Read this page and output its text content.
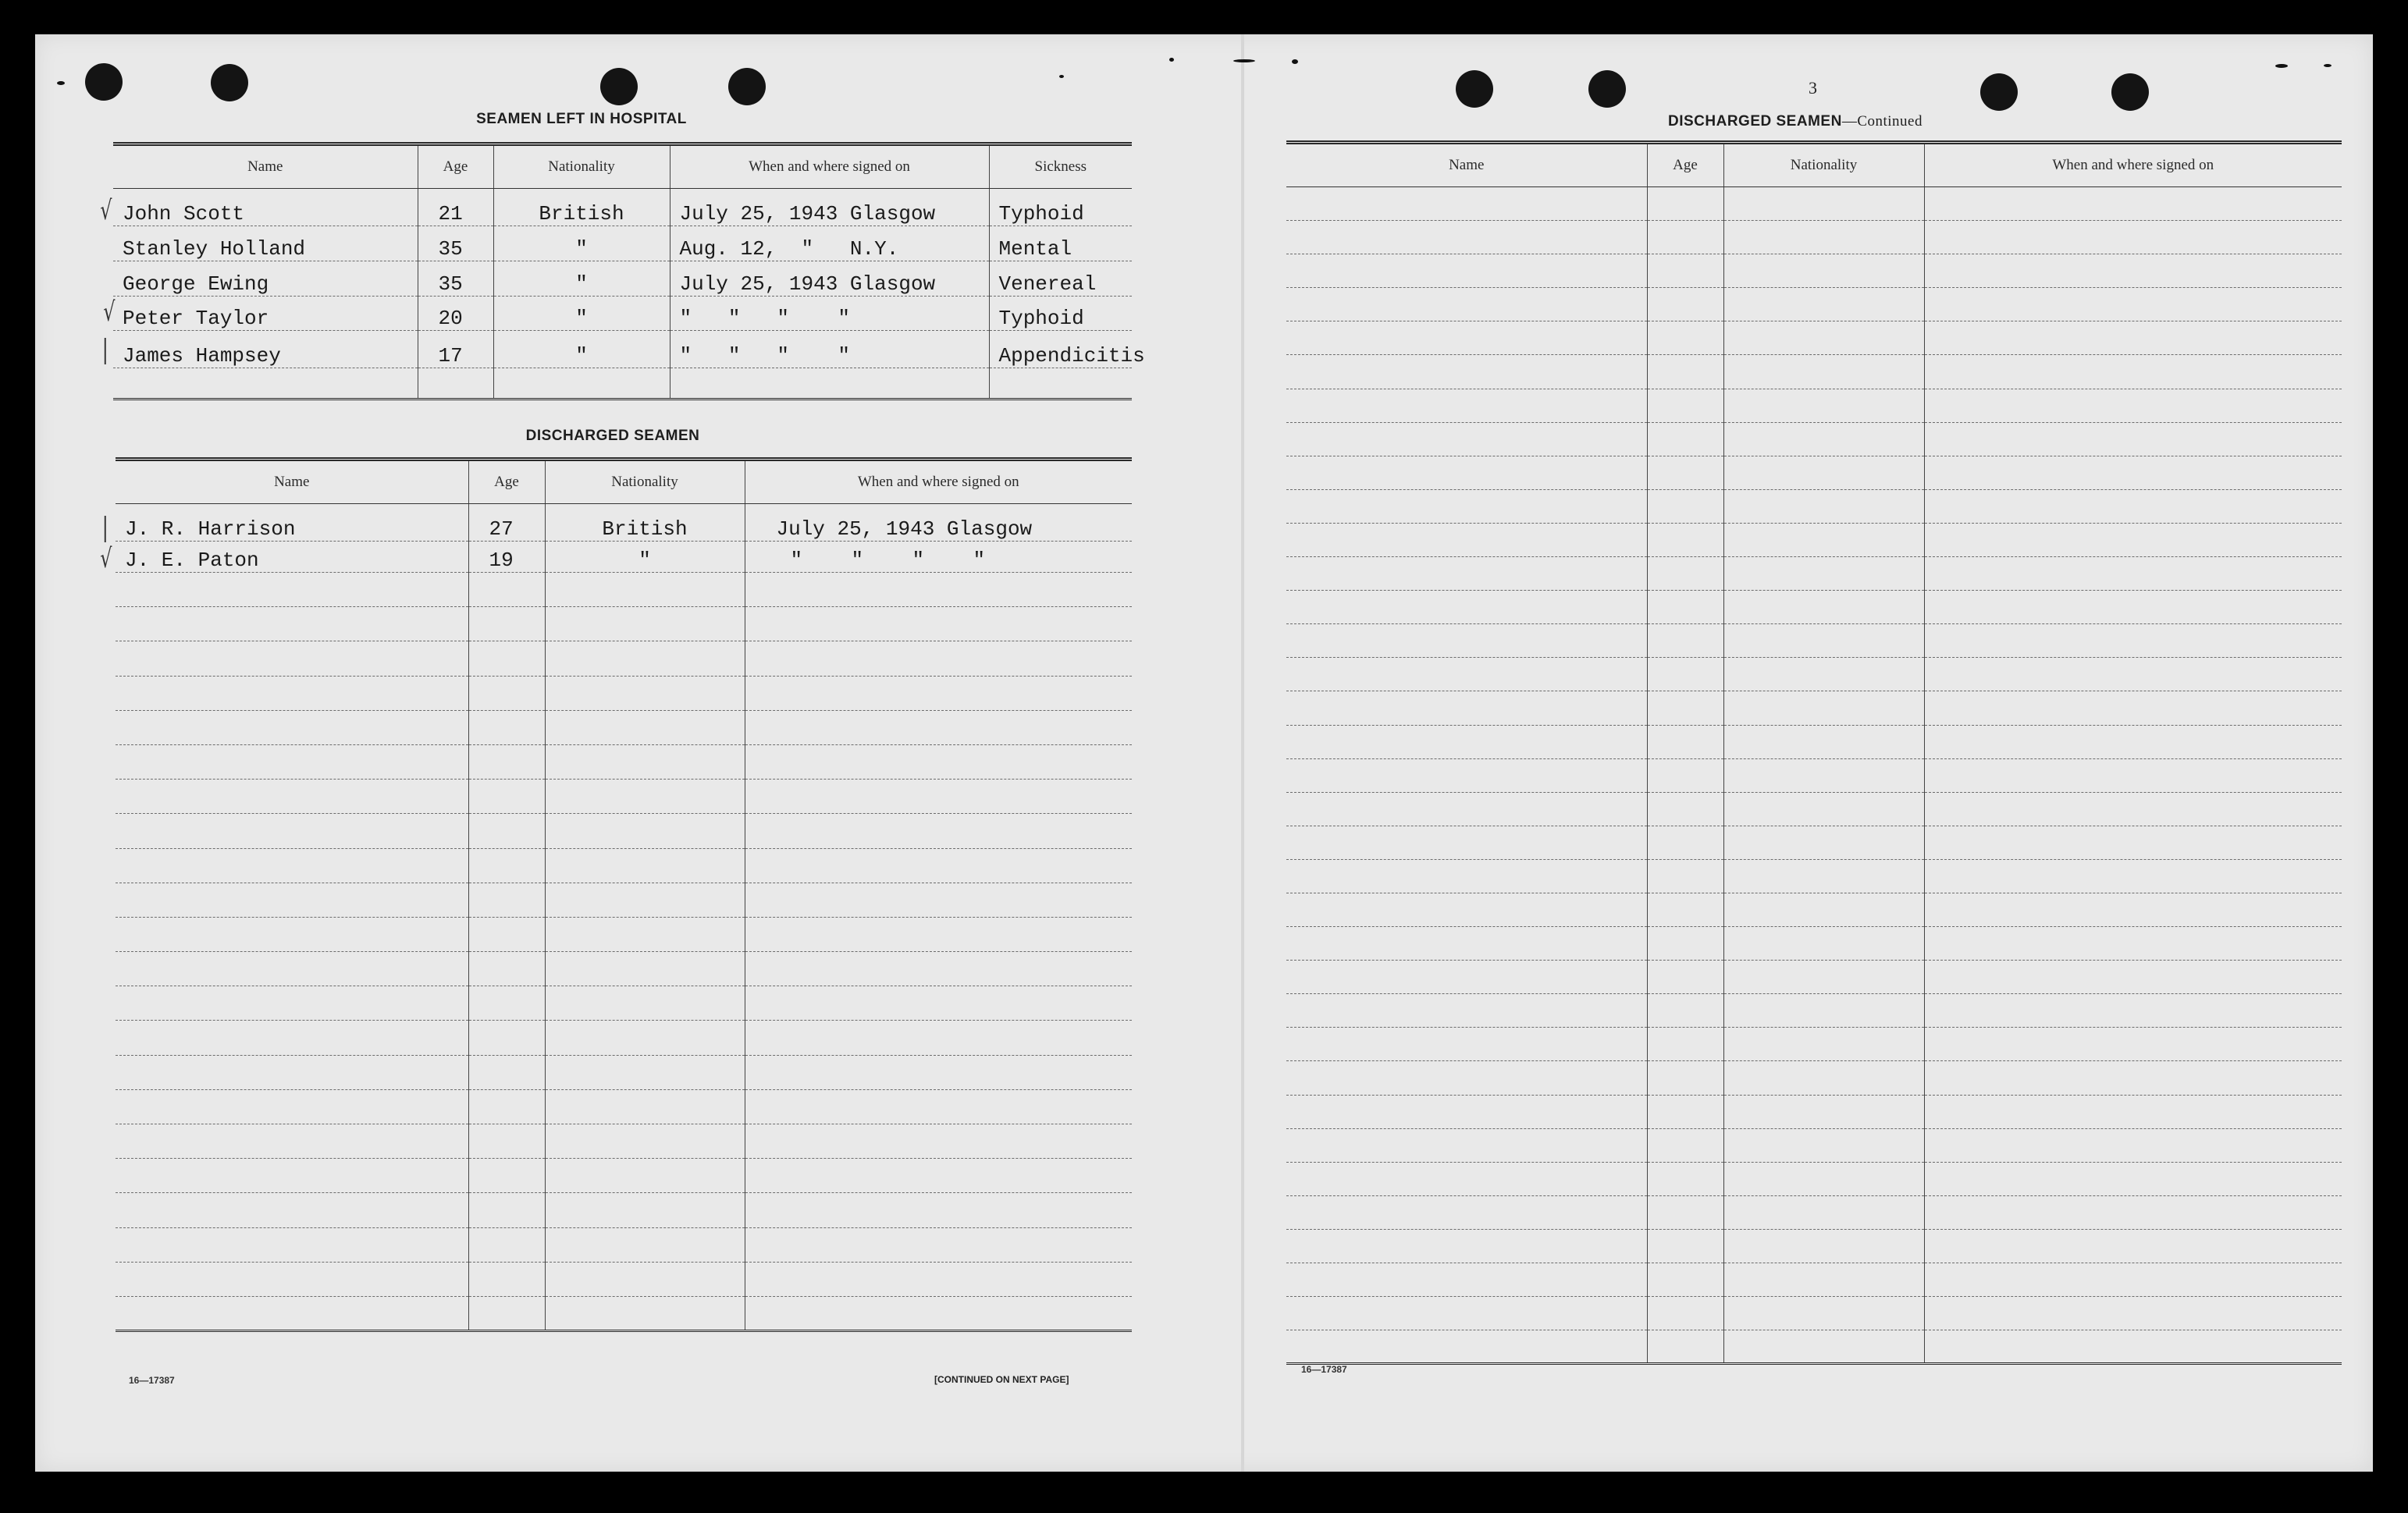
3
SEAMEN LEFT IN HOSPITAL
Name	Age	Nationality	When and where signed on	Sickness
John Scott	21	British	July 25, 1943 Glasgow	Typhoid
Stanley Holland	35	"	Aug. 12,  "   N.Y.	Mental
George Ewing	35	"	July 25, 1943 Glasgow	Venereal
Peter Taylor	20	"	"   "   "    "	Typhoid
James Hampsey	17	"	"   "   "    "	Appendicitis

√
√
|
|
√
DISCHARGED SEAMEN
Name	Age	Nationality	When and where signed on
J. R. Harrison	27	British	July 25, 1943 Glasgow
J. E. Paton	19	"	"    "    "    "

16—17387	[CONTINUED ON NEXT PAGE]
DISCHARGED SEAMEN—Continued
Name	Age	Nationality	When and where signed on

16—17387
